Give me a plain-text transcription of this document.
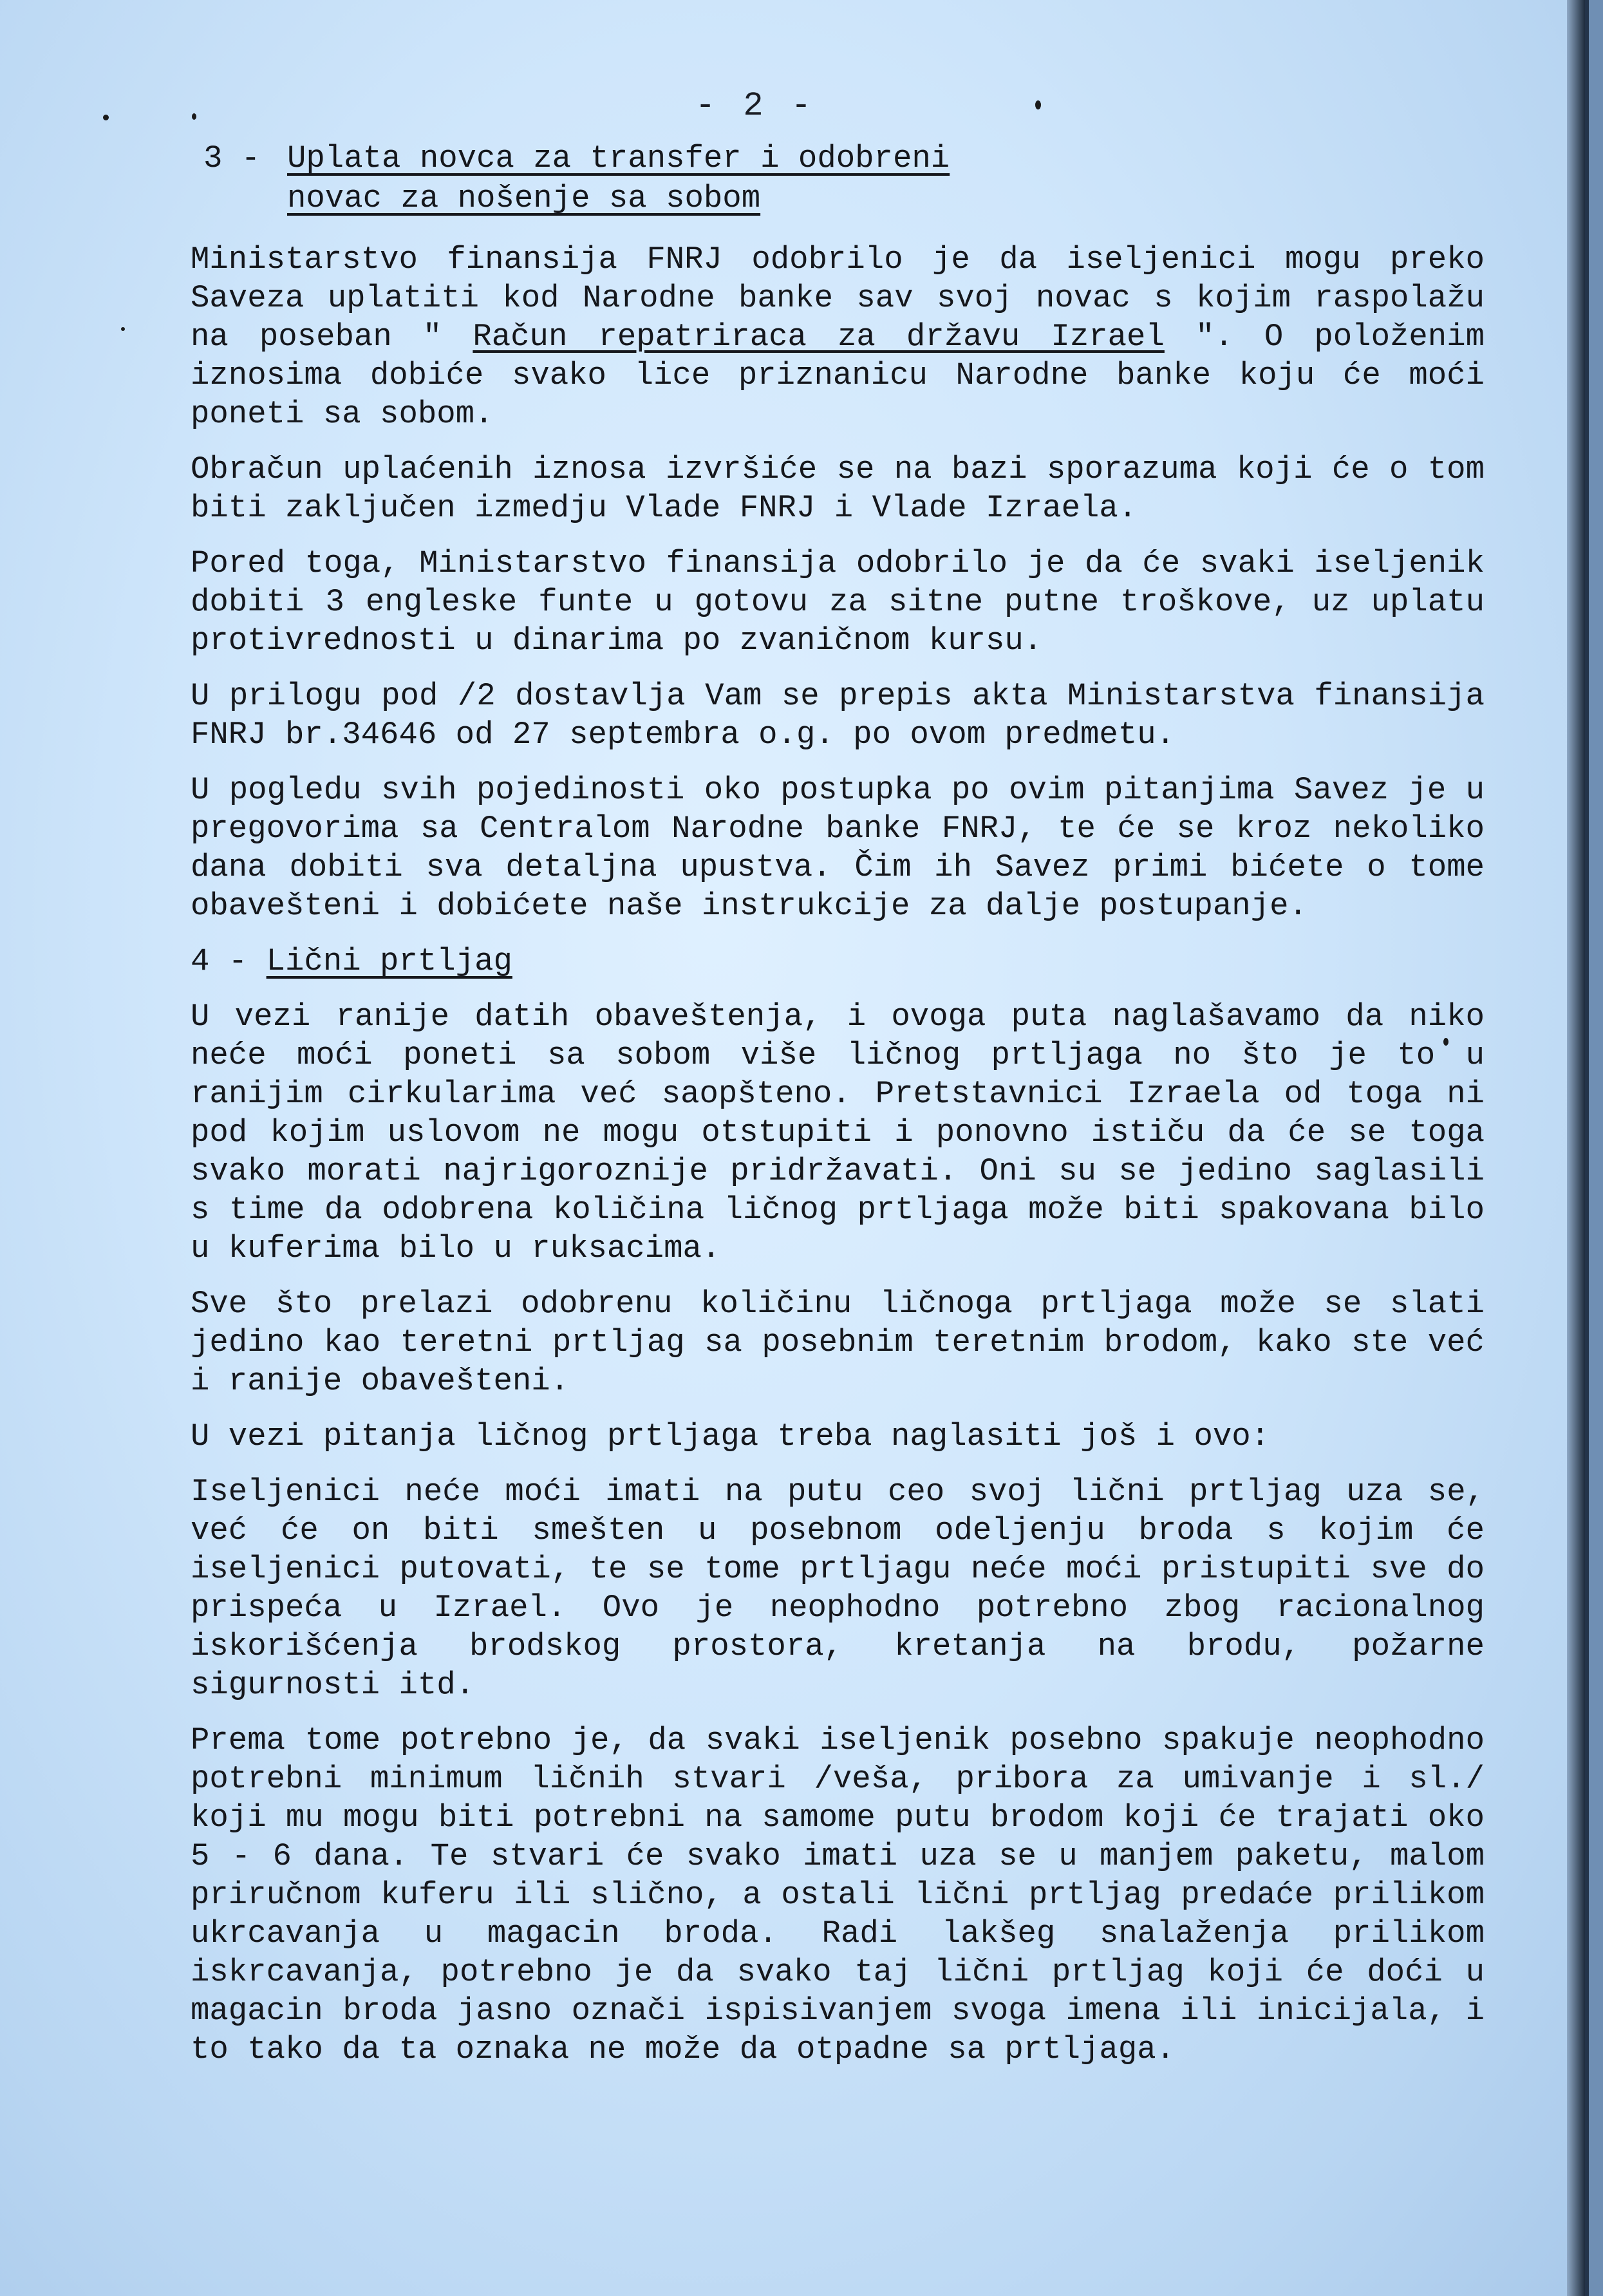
- 2 -
3 - Uplata novca za transfer i odobreni
novac za nošenje sa sobom

Ministarstvo finansija FNRJ odobrilo je da iseljenici mogu preko Saveza uplatiti kod Narodne banke sav svoj novac s kojim raspolažu na poseban " Račun repatriraca za državu Izrael ". O položenim iznosima dobiće svako lice priznanicu Narodne banke koju će moći poneti sa sobom.

Obračun uplaćenih iznosa izvršiće se na bazi sporazuma koji će o tom biti zaključen izmedju Vlade FNRJ i Vlade Izraela.

Pored toga, Ministarstvo finansija odobrilo je da će svaki iseljenik dobiti 3 engleske funte u gotovu za sitne putne troškove, uz uplatu protivrednosti u dinarima po zvaničnom kursu.

U prilogu pod /2 dostavlja Vam se prepis akta Ministarstva finansija FNRJ br.34646 od 27 septembra o.g. po ovom predmetu.

U pogledu svih pojedinosti oko postupka po ovim pitanjima Savez je u pregovorima sa Centralom Narodne banke FNRJ, te će se kroz nekoliko dana dobiti sva detaljna upustva. Čim ih Savez primi bićete o tome obavešteni i dobićete naše instrukcije za dalje postupanje.

4 - Lični prtljag

U vezi ranije datih obaveštenja, i ovoga puta naglašavamo da niko neće moći poneti sa sobom više ličnog prtljaga no što je to u ranijim cirkularima već saopšteno. Pretstavnici Izraela od toga ni pod kojim uslovom ne mogu otstupiti i ponovno ističu da će se toga svako morati najrigoroznije pridržavati. Oni su se jedino saglasili s time da odobrena količina ličnog prtljaga može biti spakovana bilo u kuferima bilo u ruksacima.

Sve što prelazi odobrenu količinu ličnoga prtljaga može se slati jedino kao teretni prtljag sa posebnim teretnim brodom, kako ste već i ranije obavešteni.

U vezi pitanja ličnog prtljaga treba naglasiti još i ovo:

Iseljenici neće moći imati na putu ceo svoj lični prtljag uza se, već će on biti smešten u posebnom odeljenju broda s kojim će iseljenici putovati, te se tome prtljagu neće moći pristupiti sve do prispeća u Izrael. Ovo je neophodno potrebno zbog racionalnog iskorišćenja brodskog prostora, kretanja na brodu, požarne sigurnosti itd.

Prema tome potrebno je, da svaki iseljenik posebno spakuje neophodno potrebni minimum ličnih stvari /veša, pribora za umivanje i sl./ koji mu mogu biti potrebni na samome putu brodom koji će trajati oko 5 - 6 dana. Te stvari će svako imati uza se u manjem paketu, malom priručnom kuferu ili slično, a ostali lični prtljag predaće prilikom ukrcavanja u magacin broda. Radi lakšeg snalaženja prilikom iskrcavanja, potrebno je da svako taj lični prtljag koji će doći u magacin broda jasno označi ispisivanjem svoga imena ili inicijala, i to tako da ta oznaka ne može da otpadne sa prtljaga.
